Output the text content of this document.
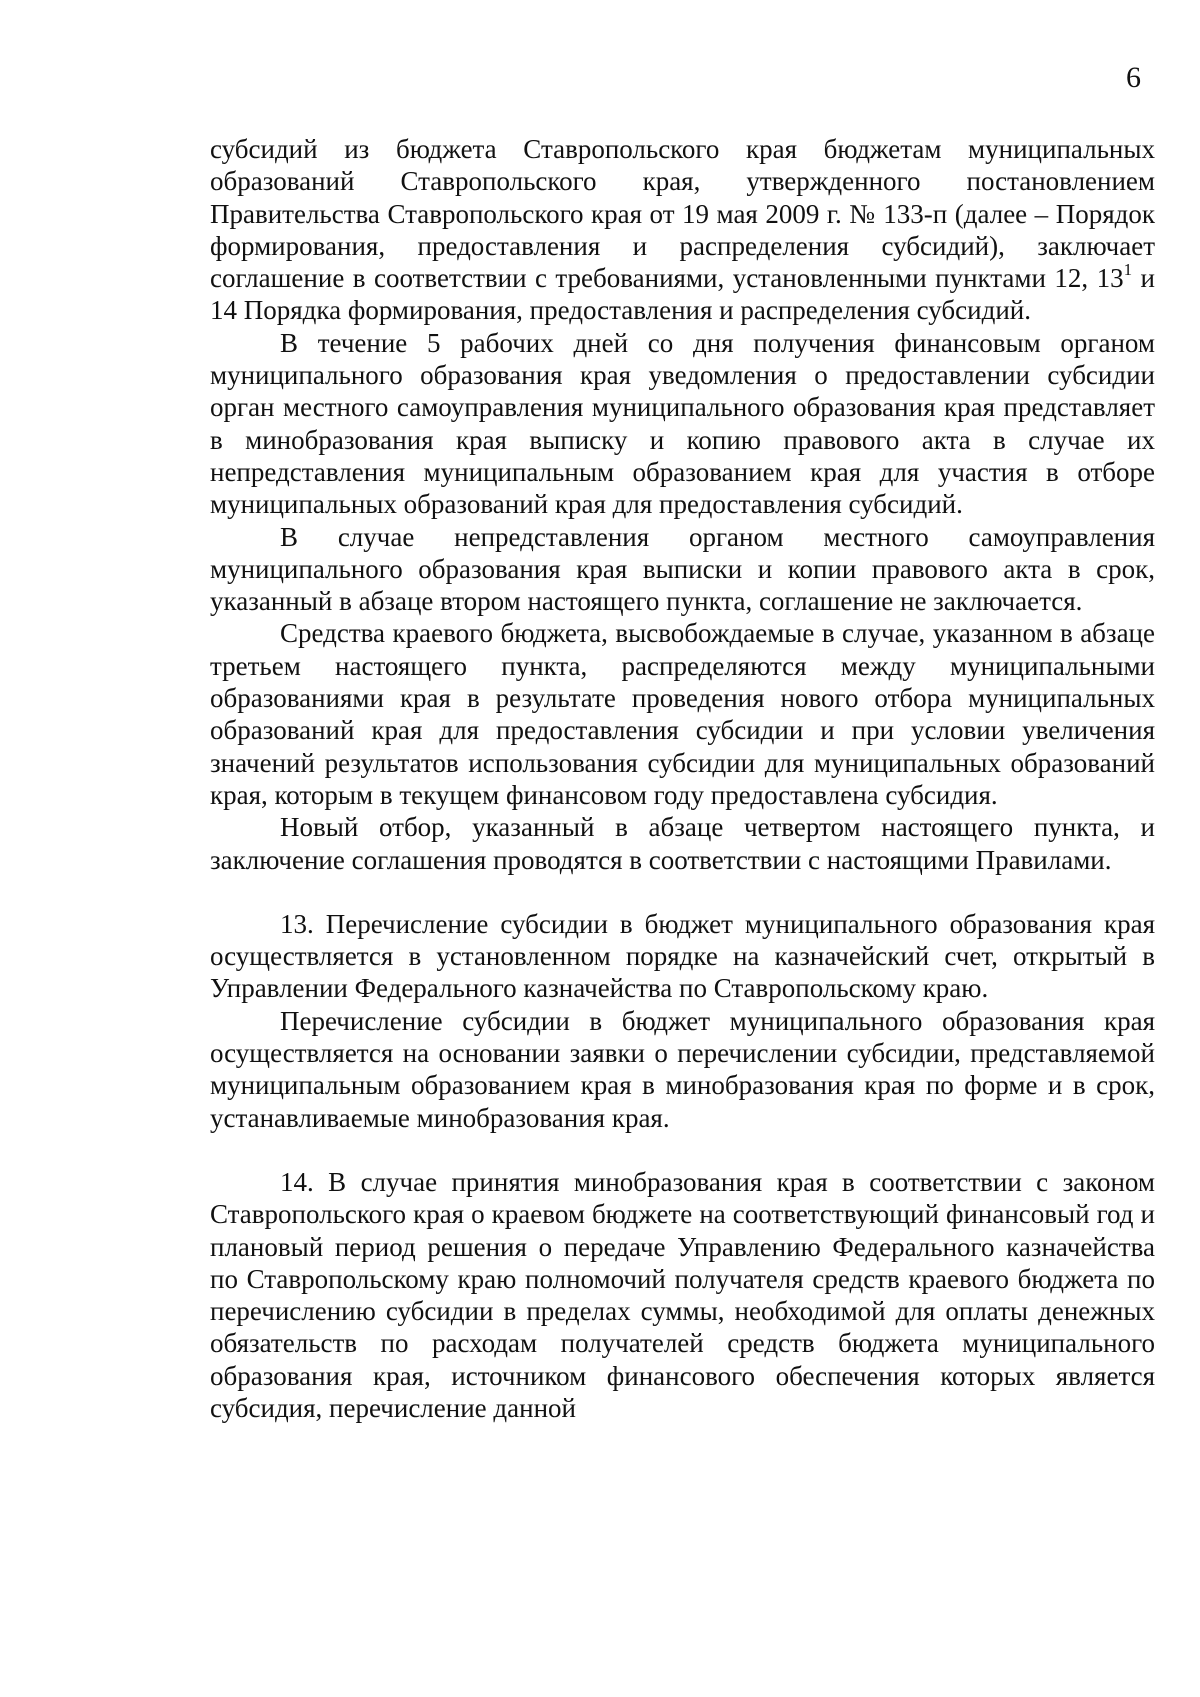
6

субсидий из бюджета Ставропольского края бюджетам муниципальных образований Ставропольского края, утвержденного постановлением Правительства Ставропольского края от 19 мая 2009 г. № 133-п (далее – Порядок формирования, предоставления и распределения субсидий), заключает соглашение в соответствии с требованиями, установленными пунктами 12, $13^1$ и 14 Порядка формирования, предоставления и распределения субсидий.

В течение 5 рабочих дней со дня получения финансовым органом муниципального образования края уведомления о предоставлении субсидии орган местного самоуправления муниципального образования края представляет в минобразования края выписку и копию правового акта в случае их непредставления муниципальным образованием края для участия в отборе муниципальных образований края для предоставления субсидий.

В случае непредставления органом местного самоуправления муниципального образования края выписки и копии правового акта в срок, указанный в абзаце втором настоящего пункта, соглашение не заключается.

Средства краевого бюджета, высвобождаемые в случае, указанном в абзаце третьем настоящего пункта, распределяются между муниципальными образованиями края в результате проведения нового отбора муниципальных образований края для предоставления субсидии и при условии увеличения значений результатов использования субсидии для муниципальных образований края, которым в текущем финансовом году предоставлена субсидия.

Новый отбор, указанный в абзаце четвертом настоящего пункта, и заключение соглашения проводятся в соответствии с настоящими Правилами.

13. Перечисление субсидии в бюджет муниципального образования края осуществляется в установленном порядке на казначейский счет, открытый в Управлении Федерального казначейства по Ставропольскому краю.

Перечисление субсидии в бюджет муниципального образования края осуществляется на основании заявки о перечислении субсидии, представляемой муниципальным образованием края в минобразования края по форме и в срок, устанавливаемые минобразования края.

14. В случае принятия минобразования края в соответствии с законом Ставропольского края о краевом бюджете на соответствующий финансовый год и плановый период решения о передаче Управлению Федерального казначейства по Ставропольскому краю полномочий получателя средств краевого бюджета по перечислению субсидии в пределах суммы, необходимой для оплаты денежных обязательств по расходам получателей средств бюджета муниципального образования края, источником финансового обеспечения которых является субсидия, перечисление данной
